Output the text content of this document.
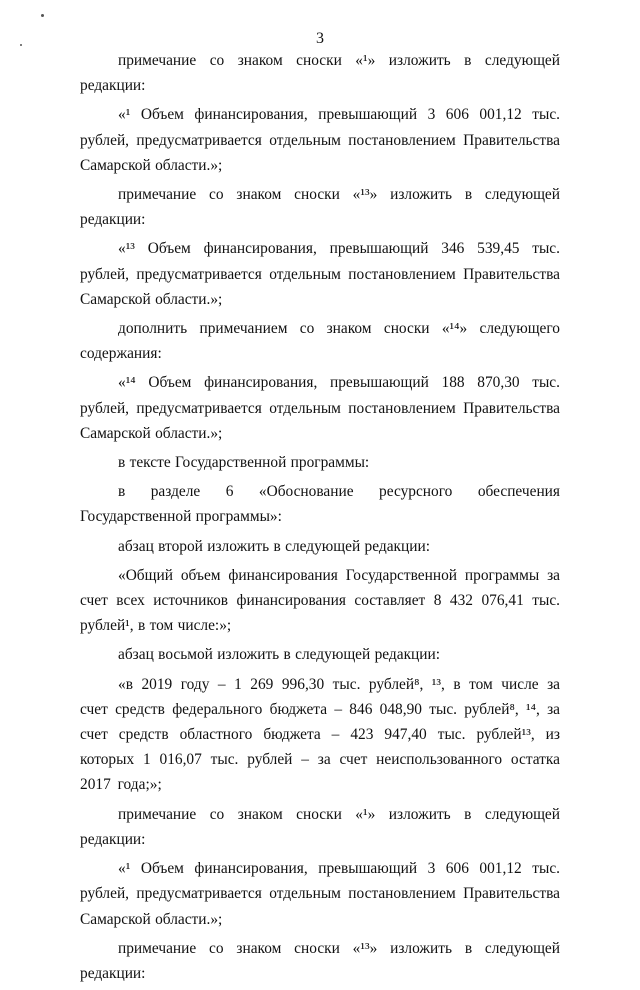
3

примечание со знаком сноски «¹» изложить в следующей редакции:

«¹ Объем финансирования, превышающий 3 606 001,12 тыс. рублей, предусматривается отдельным постановлением Правительства Самарской области.»;

примечание со знаком сноски «¹³» изложить в следующей редакции:

«¹³ Объем финансирования, превышающий 346 539,45 тыс. рублей, предусматривается отдельным постановлением Правительства Самарской области.»;

дополнить примечанием со знаком сноски «¹⁴» следующего содержания:

«¹⁴ Объем финансирования, превышающий 188 870,30 тыс. рублей, предусматривается отдельным постановлением Правительства Самарской области.»;

в тексте Государственной программы:

в разделе 6 «Обоснование ресурсного обеспечения Государственной программы»:

абзац второй изложить в следующей редакции:

«Общий объем финансирования Государственной программы за счет всех источников финансирования составляет 8 432 076,41 тыс. рублей¹, в том числе:»;

абзац восьмой изложить в следующей редакции:

«в 2019 году – 1 269 996,30 тыс. рублей⁸, ¹³, в том числе за счет средств федерального бюджета – 846 048,90 тыс. рублей⁸, ¹⁴, за счет средств областного бюджета – 423 947,40 тыс. рублей¹³, из которых 1 016,07 тыс. рублей – за счет неиспользованного остатка 2017 года;»;

примечание со знаком сноски «¹» изложить в следующей редакции:

«¹ Объем финансирования, превышающий 3 606 001,12 тыс. рублей, предусматривается отдельным постановлением Правительства Самарской области.»;

примечание со знаком сноски «¹³» изложить в следующей редакции:
